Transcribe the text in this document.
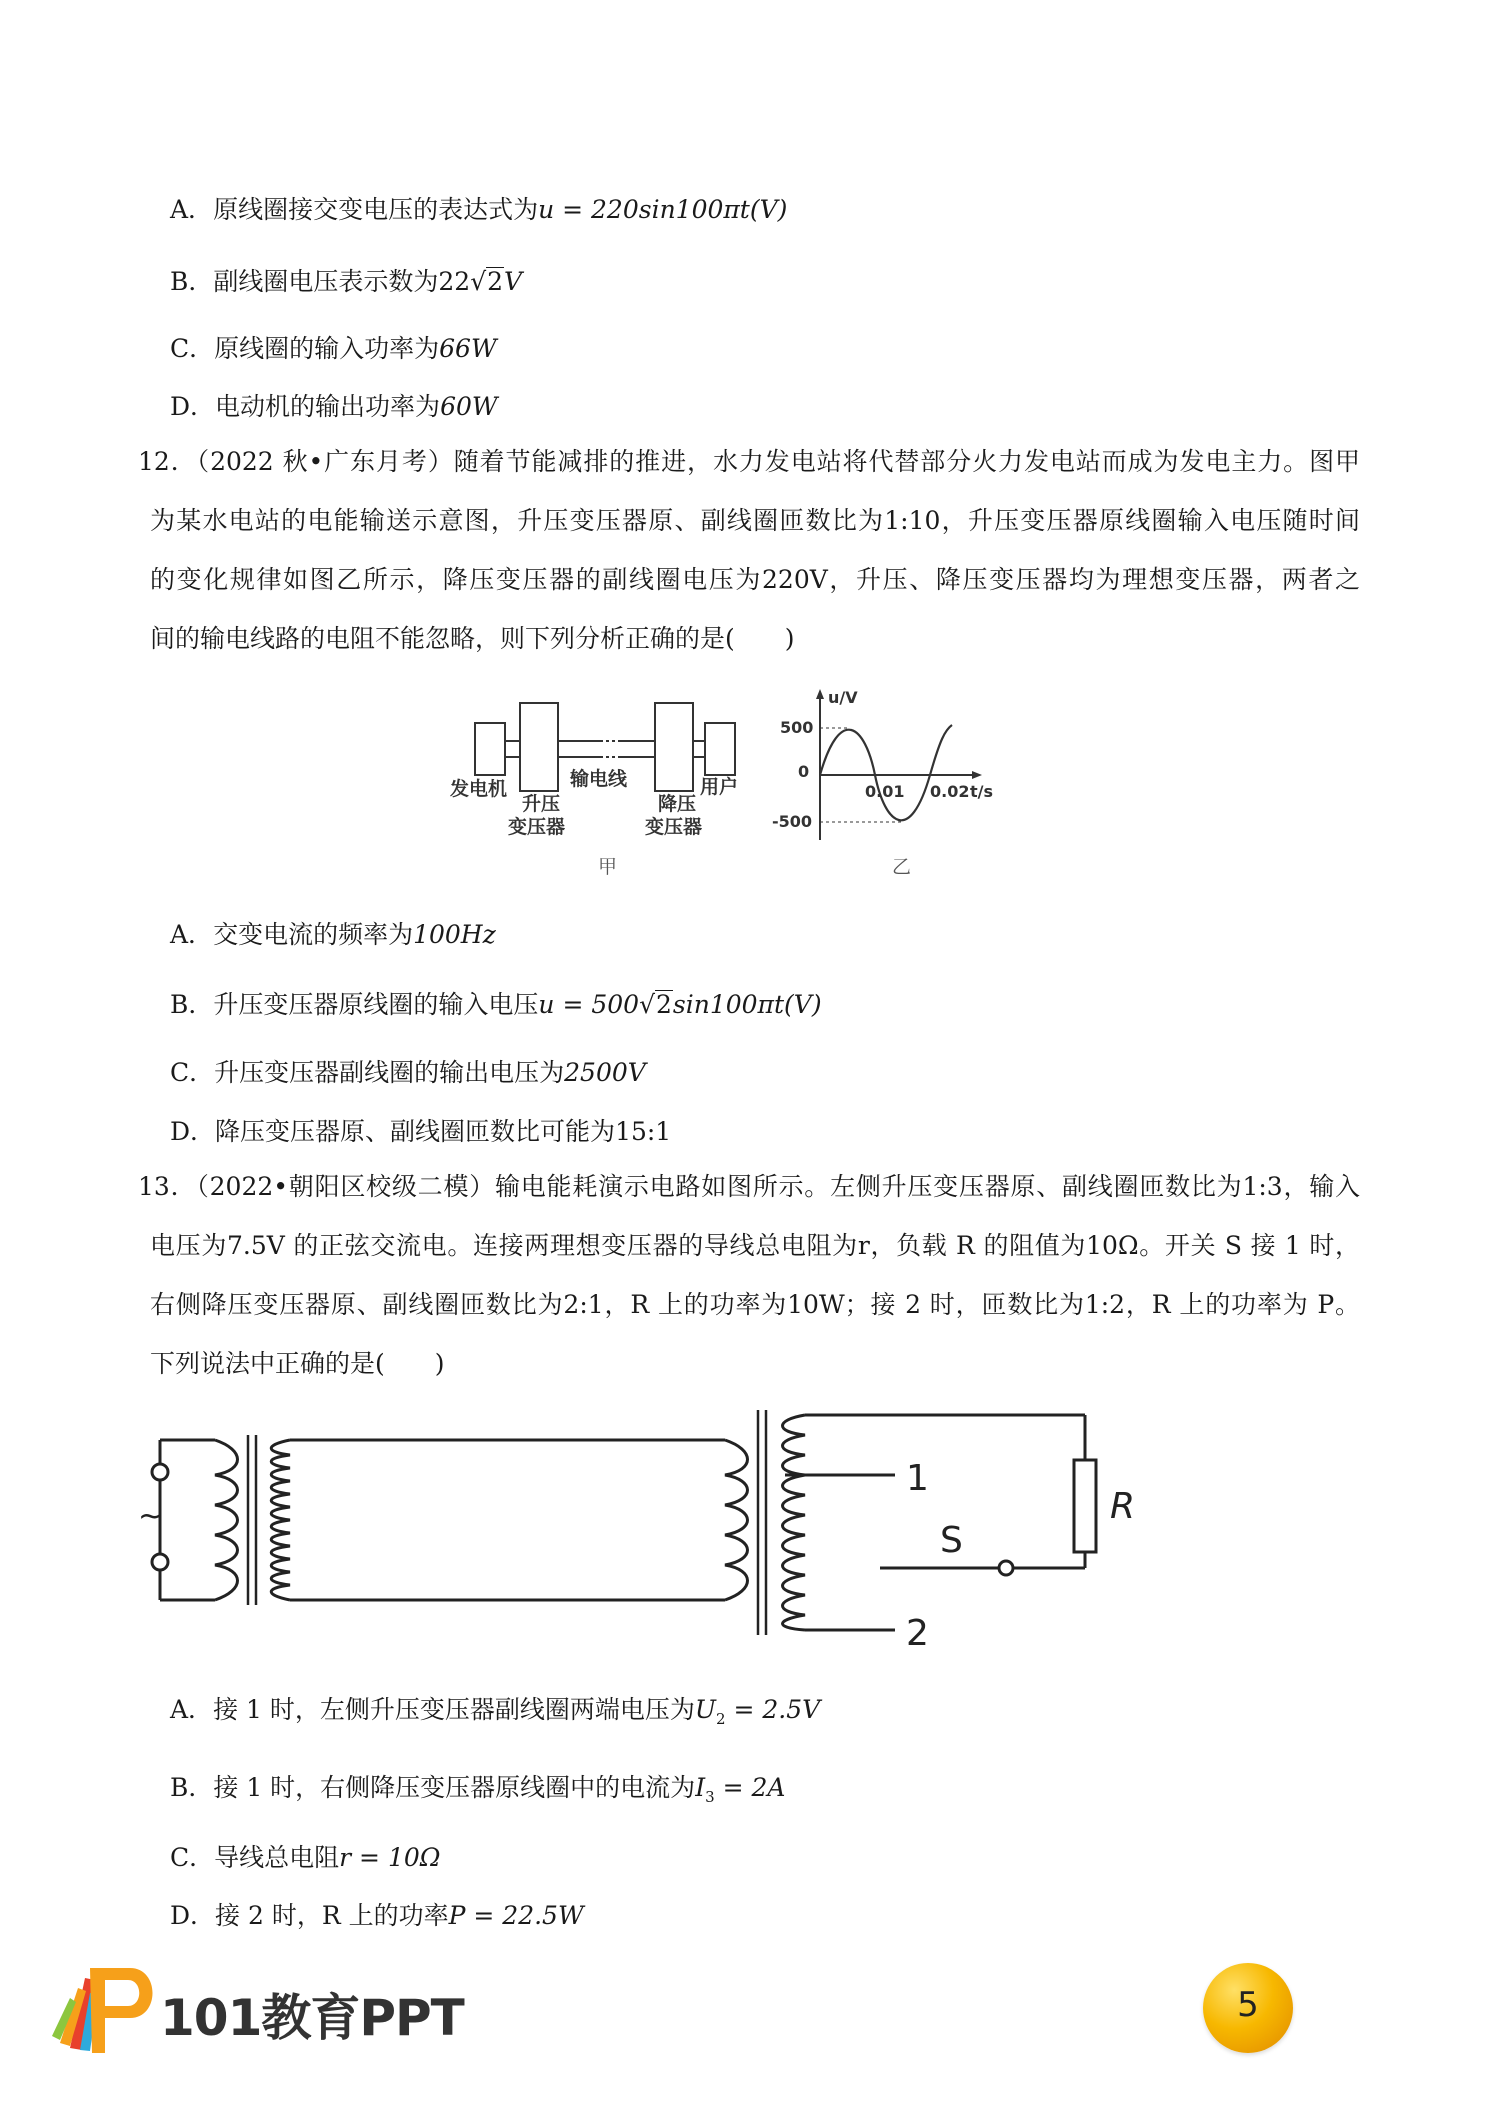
A．原线圈接交变电压的表达式为u = 220sin100πt(V)
B．副线圈电压表示数为22√2V
C．原线圈的输入功率为66W
D．电动机的输出功率为60W
12．（2022 秋•广东月考）随着节能减排的推进，水力发电站将代替部分火力发电站而成为发电主力。图甲
为某水电站的电能输送示意图，升压变压器原、副线圈匝数比为1:10，升压变压器原线圈输入电压随时间
的变化规律如图乙所示，降压变压器的副线圈电压为220V，升压、降压变压器均为理想变压器，两者之
间的输电线路的电阻不能忽略，则下列分析正确的是(　　)
发电机
升压
变压器
输电线
降压
变压器
用户
甲
u/V
500
0
-500
0.01 0.02 t/s
乙
A．交变电流的频率为100Hz
B．升压变压器原线圈的输入电压u = 500√2sin100πt(V)
C．升压变压器副线圈的输出电压为2500V
D．降压变压器原、副线圈匝数比可能为15:1
13．（2022•朝阳区校级二模）输电能耗演示电路如图所示。左侧升压变压器原、副线圈匝数比为1:3，输入
电压为7.5V 的正弦交流电。连接两理想变压器的导线总电阻为r，负载 R 的阻值为10Ω。开关 S 接 1 时，
右侧降压变压器原、副线圈匝数比为2:1，R 上的功率为10W；接 2 时，匝数比为1:2，R 上的功率为 P。
下列说法中正确的是(　　)
~
1
2
S
R
A．接 1 时，左侧升压变压器副线圈两端电压为$U_2 = 2.5V$
B．接 1 时，右侧降压变压器原线圈中的电流为$I_3 = 2A$
C．导线总电阻r = 10Ω
D．接 2 时，R 上的功率P = 22.5W
101教育PPT	5
